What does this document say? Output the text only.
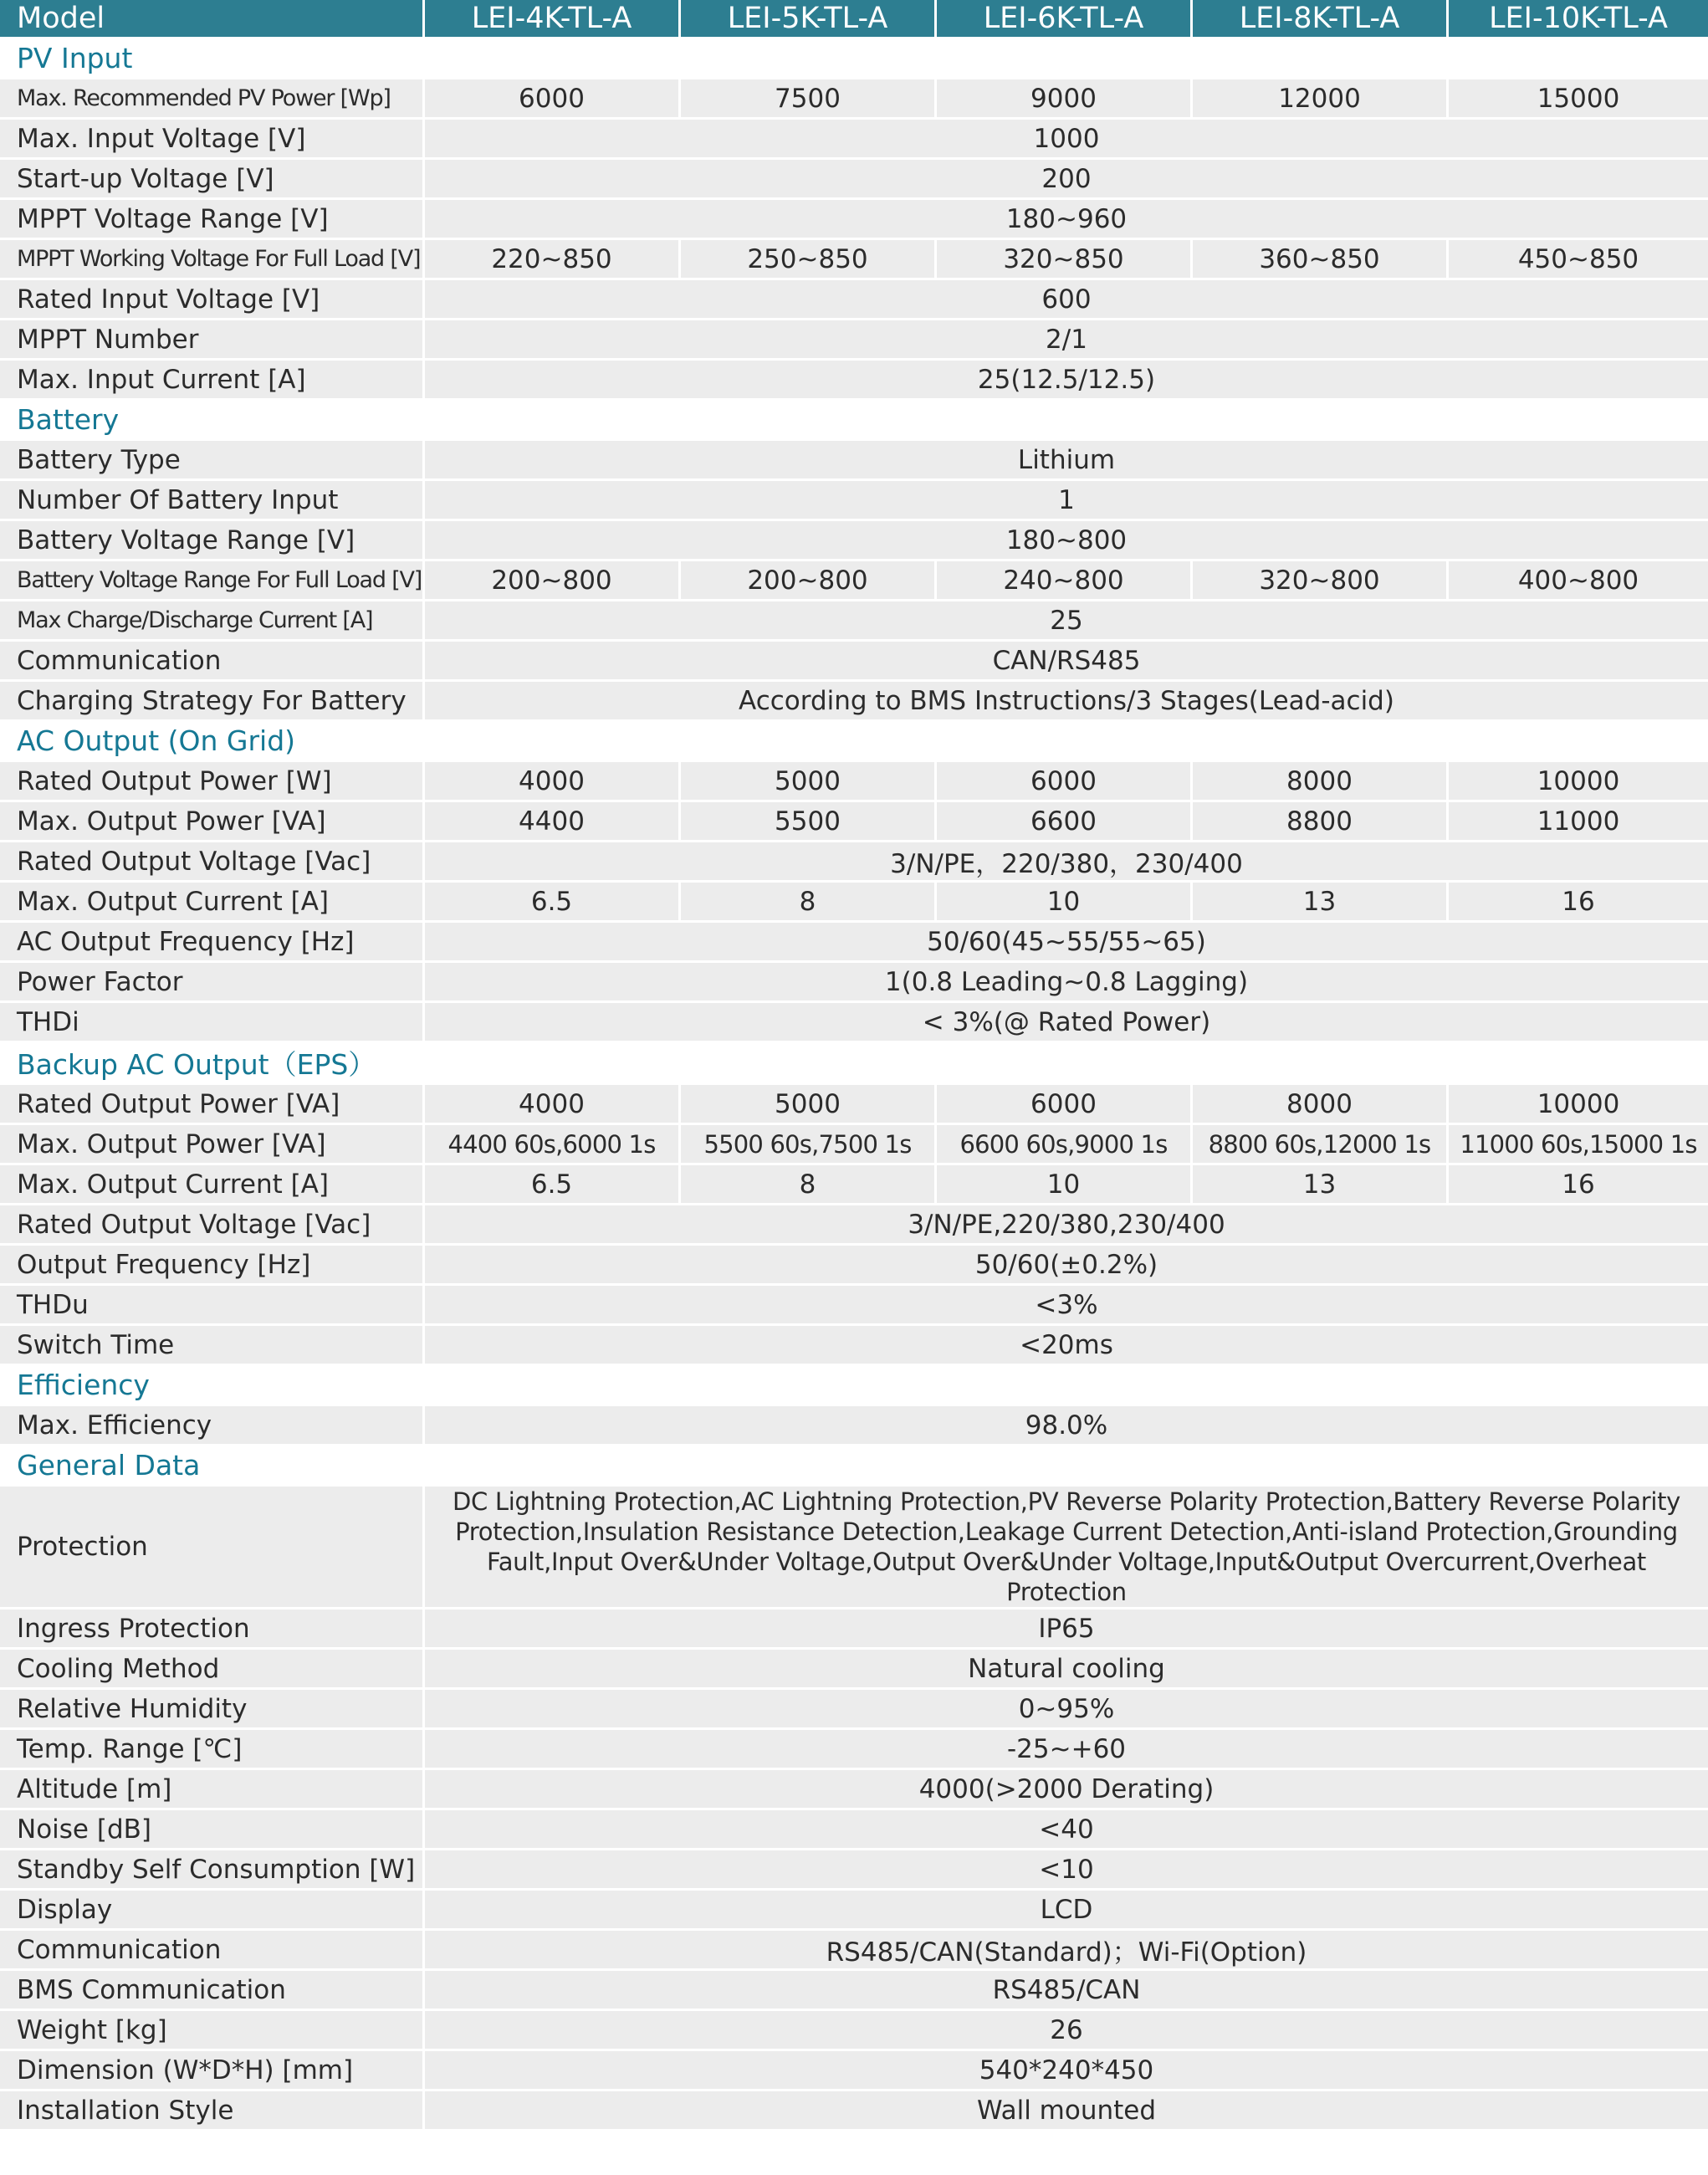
Model	LEI-4K-TL-A	LEI-5K-TL-A	LEI-6K-TL-A	LEI-8K-TL-A	LEI-10K-TL-A
PV Input					
Max. Recommended PV Power [Wp]	6000	7500	9000	12000	15000
Max. Input Voltage [V]	1000				
Start-up Voltage [V]	200				
MPPT Voltage Range [V]	180~960				
MPPT Working Voltage For Full Load [V]	220~850	250~850	320~850	360~850	450~850
Rated Input Voltage [V]	600				
MPPT Number	2/1				
Max. Input Current [A]	25(12.5/12.5)				
Battery					
Battery Type	Lithium				
Number Of Battery Input	1				
Battery Voltage Range [V]	180~800				
Battery Voltage Range For Full Load [V]	200~800	200~800	240~800	320~800	400~800
Max Charge/Discharge Current [A]	25				
Communication	CAN/RS485				
Charging Strategy For Battery	According to BMS Instructions/3 Stages(Lead-acid)				
AC Output (On Grid)					
Rated Output Power [W]	4000	5000	6000	8000	10000
Max. Output Power [VA]	4400	5500	6600	8800	11000
Rated Output Voltage [Vac]	3/N/PE，220/380，230/400				
Max. Output Current [A]	6.5	8	10	13	16
AC Output Frequency [Hz]	50/60(45~55/55~65)				
Power Factor	1(0.8 Leading~0.8 Lagging)				
THDi	< 3%(@ Rated Power)				
Backup AC Output（EPS）					
Rated Output Power [VA]	4000	5000	6000	8000	10000
Max. Output Power [VA]	4400 60s,6000 1s	5500 60s,7500 1s	6600 60s,9000 1s	8800 60s,12000 1s	11000 60s,15000 1s
Max. Output Current [A]	6.5	8	10	13	16
Rated Output Voltage [Vac]	3/N/PE,220/380,230/400				
Output Frequency [Hz]	50/60(±0.2%)				
THDu	<3%				
Switch Time	<20ms				
Efficiency					
Max. Efficiency	98.0%				
General Data					
Protection	DC Lightning Protection,AC Lightning Protection,PV Reverse Polarity Protection,Battery Reverse Polarity Protection,Insulation Resistance Detection,Leakage Current Detection,Anti-island Protection,Grounding Fault,Input Over&Under Voltage,Output Over&Under Voltage,Input&Output Overcurrent,Overheat Protection				
Ingress Protection	IP65				
Cooling Method	Natural cooling				
Relative Humidity	0~95%				
Temp. Range [℃]	-25~+60				
Altitude [m]	4000(>2000 Derating)				
Noise [dB]	<40				
Standby Self Consumption [W]	<10				
Display	LCD				
Communication	RS485/CAN(Standard)；Wi-Fi(Option)				
BMS Communication	RS485/CAN				
Weight [kg]	26				
Dimension (W*D*H) [mm]	540*240*450				
Installation Style	Wall mounted				
